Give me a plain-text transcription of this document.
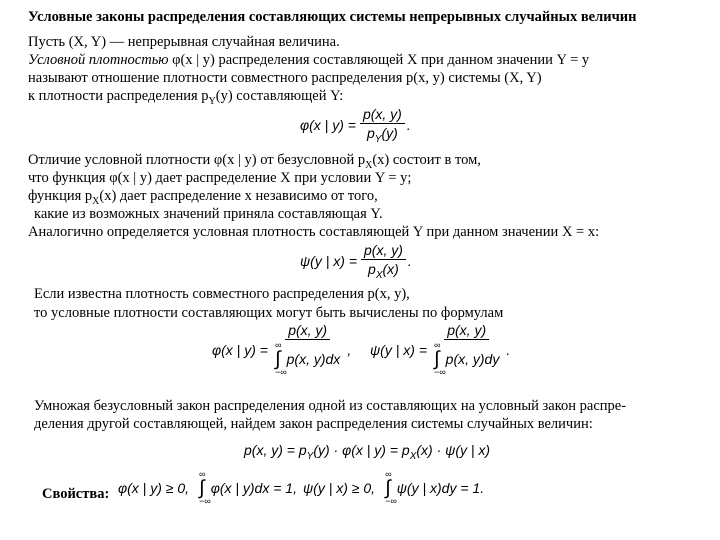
Условные законы распределения составляющих системы непрерывных случайных величин
Пусть (X, Y) — непрерывная случайная величина.
Условной плотностью φ(x | y) распределения составляющей X при данном значении Y = y
называют отношение плотности совместного распределения p(x, y) системы (X, Y)
к плотности распределения $p_Y(y)$ составляющей Y:
φ(x | $y) = \frac{p(x, y)}{p_Y(y)}$ .
Отличие условной плотности φ(x | y) от безусловной $p_X(x)$ состоит в том,
что функция φ(x | y) дает распределение X при условии Y = y;
функция $p_X(x)$ дает распределение x независимо от того,
какие из возможных значений приняла составляющая Y.
Аналогично определяется условная плотность составляющей Y при данном значении X = x:
ψ(y | $x) = \frac{p(x, y)}{p_X(x)}$ .
Если известна плотность совместного распределения p(x, y),
то условные плотности составляющих могут быть вычислены по формулам
φ(x | y) = p(x, y)
∞
∫
−∞
p(x, y)dx , ψ(y | x) = p(x, y)
∞
∫
−∞
p(x, y)dy .
Умножая безусловный закон распределения одной из составляющих на условный закон распре-
деления другой составляющей, найдем закон распределения системы случайных величин:
p(x, $y) = p_Y(y) \cdot \varphi(x$ | $y) = p_X(x) \cdot \psi(y$ | x)
Свойства: φ(x | y) ≥ 0,
∞
∫
−∞
φ(x | y)dx = 1, ψ(y | x) ≥ 0,
∞
∫
−∞
ψ(y | x)dy = 1.
